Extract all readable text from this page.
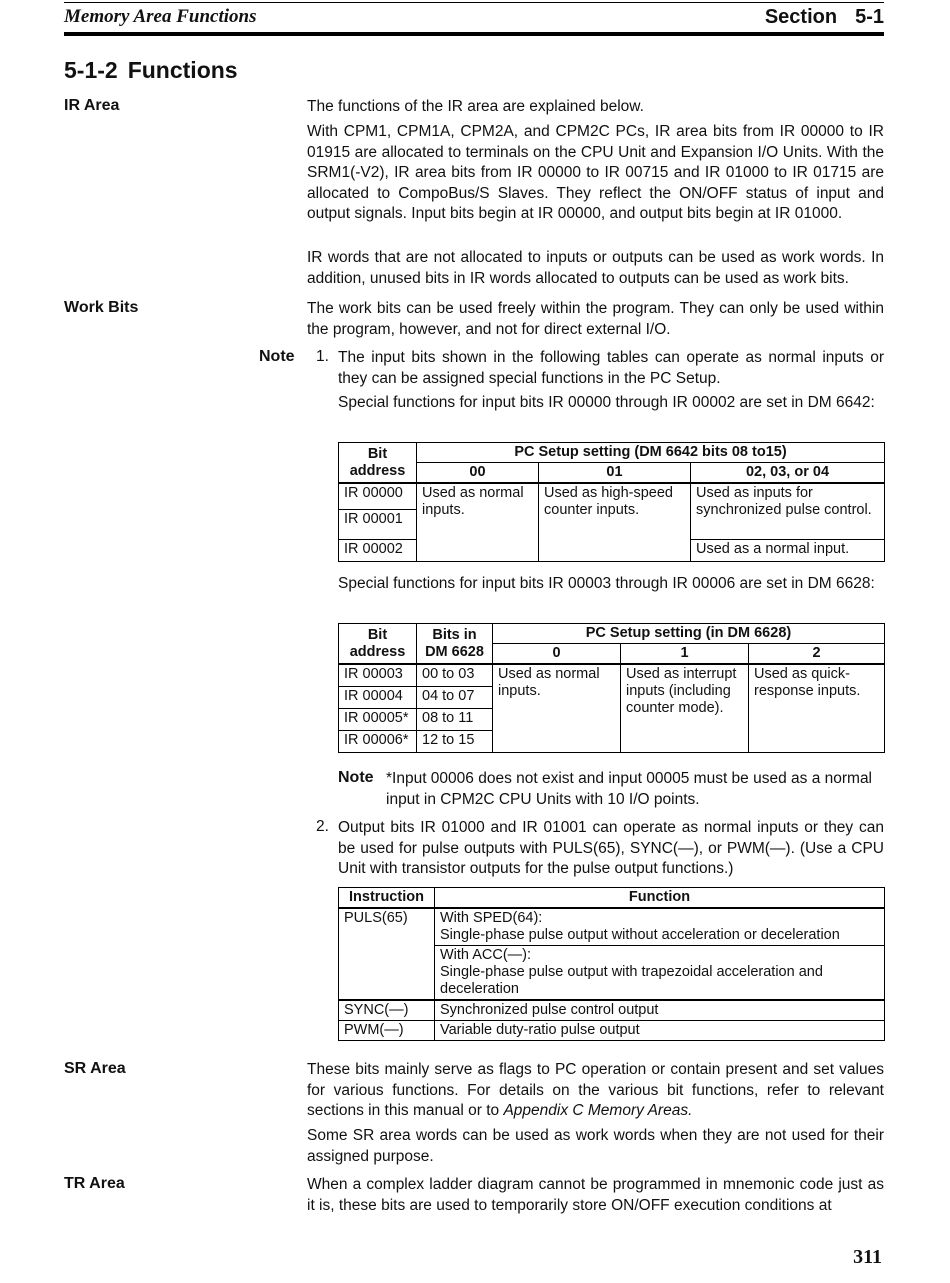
Memory Area Functions	Section 5-1
5-1-2 Functions
IR Area	The functions of the IR area are explained below.
With CPM1, CPM1A, CPM2A, and CPM2C PCs, IR area bits from IR 00000 to IR 01915 are allocated to terminals on the CPU Unit and Expansion I/O Units. With the SRM1(-V2), IR area bits from IR 00000 to IR 00715 and IR 01000 to IR 01715 are allocated to CompoBus/S Slaves. They reflect the ON/OFF status of input and output signals. Input bits begin at IR 00000, and output bits begin at IR 01000.
IR words that are not allocated to inputs or outputs can be used as work words. In addition, unused bits in IR words allocated to outputs can be used as work bits.
Work Bits	The work bits can be used freely within the program. They can only be used within the program, however, and not for direct external I/O.
Note 1. The input bits shown in the following tables can operate as normal inputs or they can be assigned special functions in the PC Setup.
Special functions for input bits IR 00000 through IR 00002 are set in DM 6642:
Bit address	PC Setup setting (DM 6642 bits 08 to15)		
	00	01	02, 03, or 04
IR 00000	Used as normal inputs.	Used as high-speed counter inputs.	Used as inputs for synchronized pulse control.
IR 00001			
IR 00002			Used as a normal input.
Special functions for input bits IR 00003 through IR 00006 are set in DM 6628:
Bit address	Bits in DM 6628	PC Setup setting (in DM 6628)		
		0	1	2
IR 00003	00 to 03	Used as normal inputs.	Used as interrupt inputs (including counter mode).	Used as quick-response inputs.
IR 00004	04 to 07			
IR 00005*	08 to 11			
IR 00006*	12 to 15			
Note *Input 00006 does not exist and input 00005 must be used as a normal input in CPM2C CPU Units with 10 I/O points.
2. Output bits IR 01000 and IR 01001 can operate as normal inputs or they can be used for pulse outputs with PULS(65), SYNC(—), or PWM(—). (Use a CPU Unit with transistor outputs for the pulse output functions.)
Instruction	Function
PULS(65)	With SPED(64):
Single-phase pulse output without acceleration or deceleration

	With ACC(—):
Single-phase pulse output with trapezoidal acceleration and deceleration

SYNC(—)	Synchronized pulse control output
PWM(—)	Variable duty-ratio pulse output
SR Area	These bits mainly serve as flags to PC operation or contain present and set values for various functions. For details on the various bit functions, refer to relevant sections in this manual or to Appendix C Memory Areas.
Some SR area words can be used as work words when they are not used for their assigned purpose.
TR Area	When a complex ladder diagram cannot be programmed in mnemonic code just as it is, these bits are used to temporarily store ON/OFF execution conditions at
311
